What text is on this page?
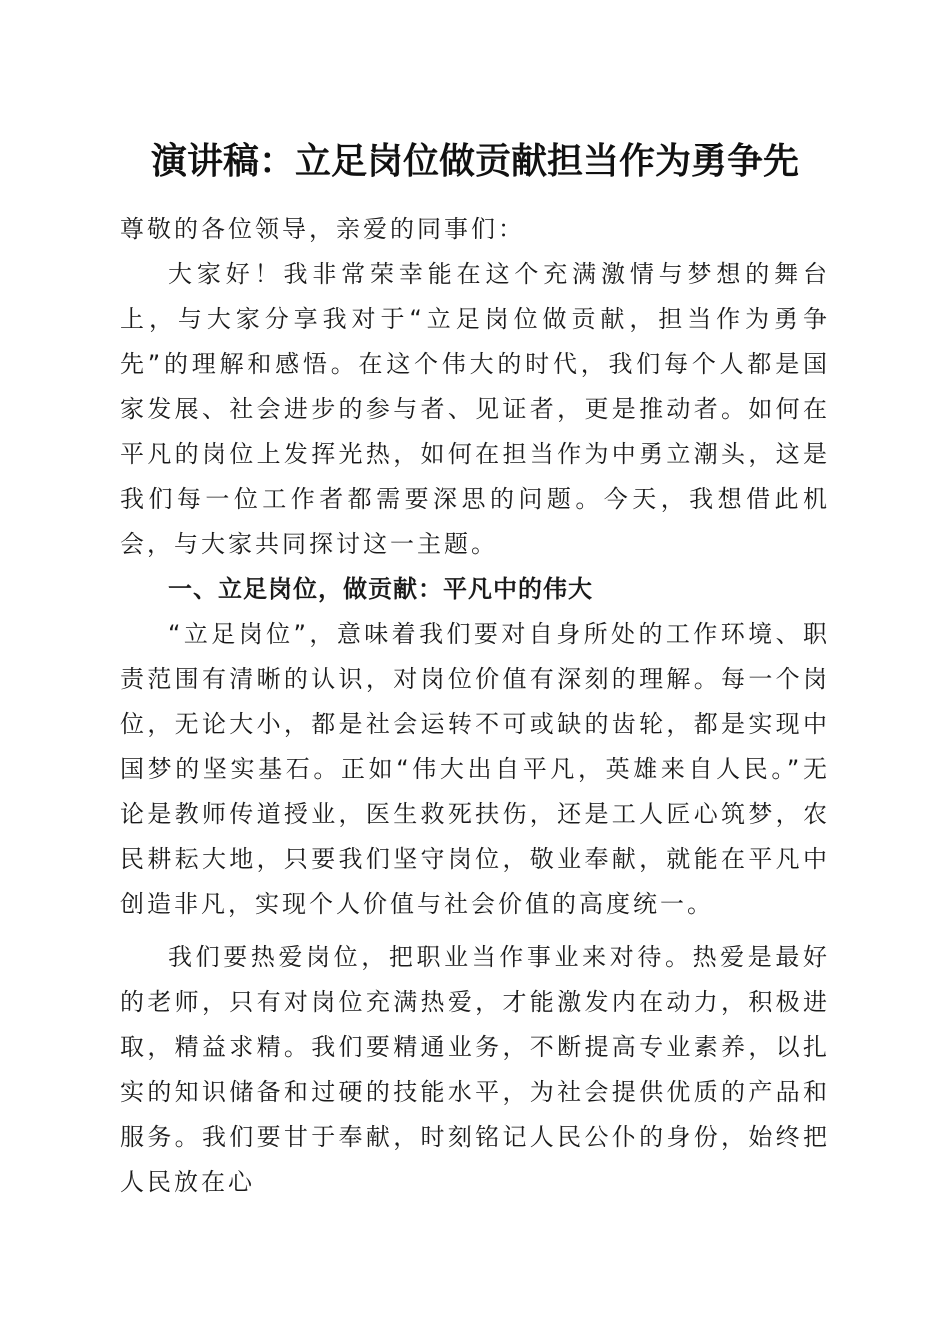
演讲稿：立足岗位做贡献担当作为勇争先

尊敬的各位领导，亲爱的同事们：

大家好！我非常荣幸能在这个充满激情与梦想的舞台上，与大家分享我对于“立足岗位做贡献，担当作为勇争先”的理解和感悟。在这个伟大的时代，我们每个人都是国家发展、社会进步的参与者、见证者，更是推动者。如何在平凡的岗位上发挥光热，如何在担当作为中勇立潮头，这是我们每一位工作者都需要深思的问题。今天，我想借此机会，与大家共同探讨这一主题。

一、立足岗位，做贡献：平凡中的伟大

“立足岗位”，意味着我们要对自身所处的工作环境、职责范围有清晰的认识，对岗位价值有深刻的理解。每一个岗位，无论大小，都是社会运转不可或缺的齿轮，都是实现中国梦的坚实基石。正如“伟大出自平凡，英雄来自人民。”无论是教师传道授业，医生救死扶伤，还是工人匠心筑梦，农民耕耘大地，只要我们坚守岗位，敬业奉献，就能在平凡中创造非凡，实现个人价值与社会价值的高度统一。

我们要热爱岗位，把职业当作事业来对待。热爱是最好的老师，只有对岗位充满热爱，才能激发内在动力，积极进取，精益求精。我们要精通业务，不断提高专业素养，以扎实的知识储备和过硬的技能水平，为社会提供优质的产品和服务。我们要甘于奉献，时刻铭记人民公仆的身份，始终把人民放在心
